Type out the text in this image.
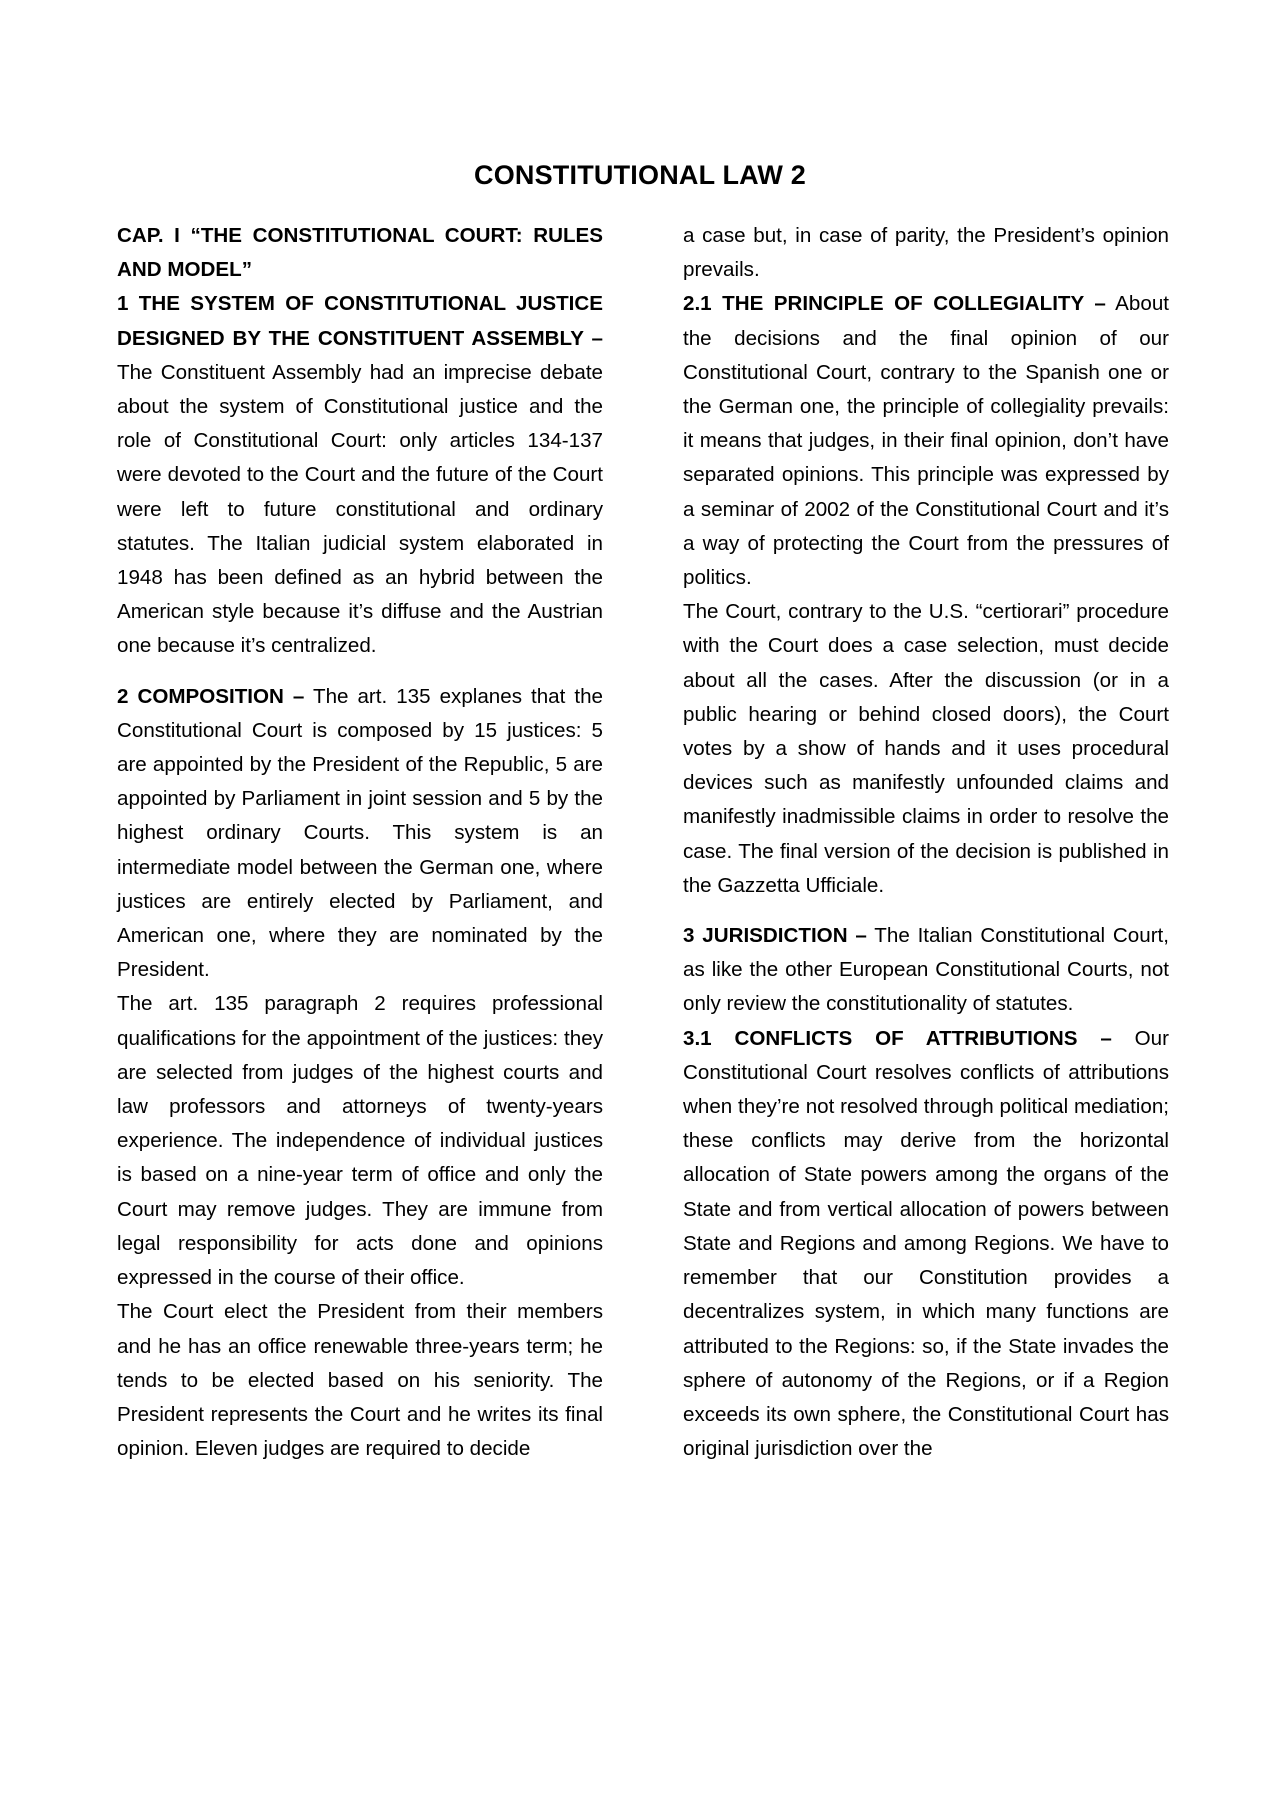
CONSTITUTIONAL LAW 2

CAP. I “THE CONSTITUTIONAL COURT: RULES AND MODEL”

1 THE SYSTEM OF CONSTITUTIONAL JUSTICE DESIGNED BY THE CONSTITUENT ASSEMBLY – The Constituent Assembly had an imprecise debate about the system of Constitutional justice and the role of Constitutional Court: only articles 134-137 were devoted to the Court and the future of the Court were left to future constitutional and ordinary statutes. The Italian judicial system elaborated in 1948 has been defined as an hybrid between the American style because it’s diffuse and the Austrian one because it’s centralized.

2 COMPOSITION – The art. 135 explanes that the Constitutional Court is composed by 15 justices: 5 are appointed by the President of the Republic, 5 are appointed by Parliament in joint session and 5 by the highest ordinary Courts. This system is an intermediate model between the German one, where justices are entirely elected by Parliament, and American one, where they are nominated by the President.

The art. 135 paragraph 2 requires professional qualifications for the appointment of the justices: they are selected from judges of the highest courts and law professors and attorneys of twenty-years experience. The independence of individual justices is based on a nine-year term of office and only the Court may remove judges. They are immune from legal responsibility for acts done and opinions expressed in the course of their office.

The Court elect the President from their members and he has an office renewable three-years term; he tends to be elected based on his seniority. The President represents the Court and he writes its final opinion. Eleven judges are required to decide

a case but, in case of parity, the President’s opinion prevails.

2.1 THE PRINCIPLE OF COLLEGIALITY – About the decisions and the final opinion of our Constitutional Court, contrary to the Spanish one or the German one, the principle of collegiality prevails: it means that judges, in their final opinion, don’t have separated opinions. This principle was expressed by a seminar of 2002 of the Constitutional Court and it’s a way of protecting the Court from the pressures of politics.

The Court, contrary to the U.S. “certiorari” procedure with the Court does a case selection, must decide about all the cases. After the discussion (or in a public hearing or behind closed doors), the Court votes by a show of hands and it uses procedural devices such as manifestly unfounded claims and manifestly inadmissible claims in order to resolve the case. The final version of the decision is published in the Gazzetta Ufficiale.

3 JURISDICTION – The Italian Constitutional Court, as like the other European Constitutional Courts, not only review the constitutionality of statutes.

3.1 CONFLICTS OF ATTRIBUTIONS – Our Constitutional Court resolves conflicts of attributions when they’re not resolved through political mediation; these conflicts may derive from the horizontal allocation of State powers among the organs of the State and from vertical allocation of powers between State and Regions and among Regions. We have to remember that our Constitution provides a decentralizes system, in which many functions are attributed to the Regions: so, if the State invades the sphere of autonomy of the Regions, or if a Region exceeds its own sphere, the Constitutional Court has original jurisdiction over the
